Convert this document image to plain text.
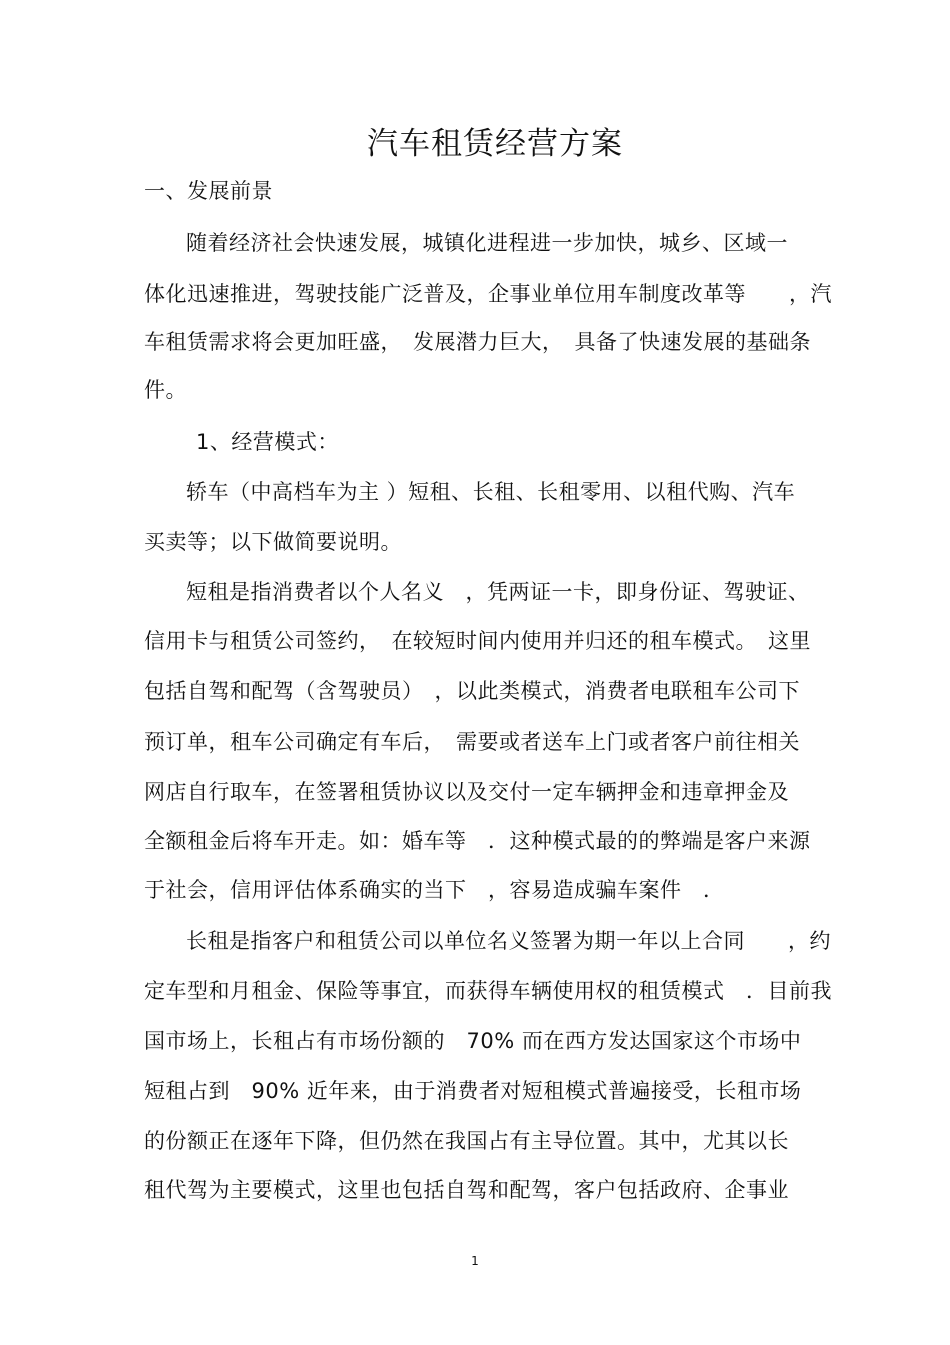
汽车租赁经营方案

一、发展前景

随着经济社会快速发展，城镇化进程进一步加快，城乡、区域一

体化迅速推进，驾驶技能广泛普及，企事业单位用车制度改革等　　，汽

车租赁需求将会更加旺盛，　发展潜力巨大，　具备了快速发展的基础条

件。

1、经营模式：

轿车（中高档车为主 ）短租、长租、长租零用、以租代购、汽车

买卖等；以下做简要说明。

短租是指消费者以个人名义　，凭两证一卡，即身份证、驾驶证、

信用卡与租赁公司签约，　在较短时间内使用并归还的租车模式。　这里

包括自驾和配驾（含驾驶员）　，以此类模式，消费者电联租车公司下

预订单，租车公司确定有车后，　需要或者送车上门或者客户前往相关

网店自行取车，在签署租赁协议以及交付一定车辆押金和违章押金及

全额租金后将车开走。如：婚车等　．这种模式最的的弊端是客户来源

于社会，信用评估体系确实的当下　，容易造成骗车案件　．

长租是指客户和租赁公司以单位名义签署为期一年以上合同　　，约

定车型和月租金、保险等事宜，而获得车辆使用权的租赁模式　．目前我

国市场上，长租占有市场份额的　70% 而在西方发达国家这个市场中

短租占到　90% 近年来，由于消费者对短租模式普遍接受，长租市场

的份额正在逐年下降，但仍然在我国占有主导位置。其中，尤其以长

租代驾为主要模式，这里也包括自驾和配驾，客户包括政府、企事业

1
